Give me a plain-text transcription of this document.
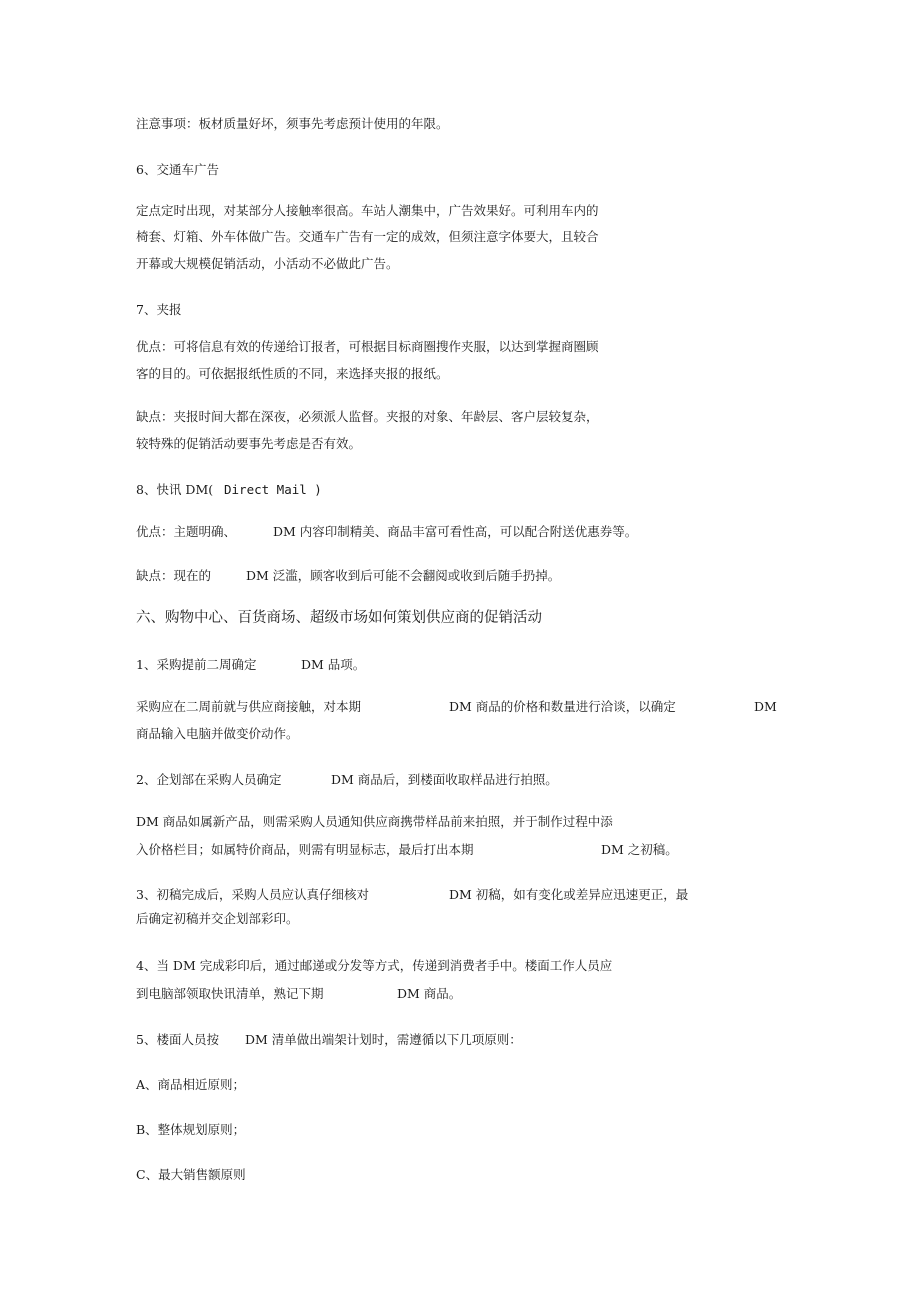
注意事项：板材质量好坏，须事先考虑预计使用的年限。

6、交通车广告

定点定时出现，对某部分人接触率很高。车站人潮集中，广告效果好。可利用车内的

椅套、灯箱、外车体做广告。交通车广告有一定的成效，但须注意字体要大，且较合

开幕或大规模促销活动，小活动不必做此广告。

7、夹报

优点：可将信息有效的传递给订报者，可根据目标商圈搜作夹服，以达到掌握商圈顾

客的目的。可依据报纸性质的不同，来选择夹报的报纸。

缺点：夹报时间大都在深夜，必须派人监督。夹报的对象、年龄层、客户层较复杂，

较特殊的促销活动要事先考虑是否有效。

8、快讯 DM( Direct Mail )

优点：主题明确、	DM 内容印制精美、商品丰富可看性高，可以配合附送优惠券等。

缺点：现在的	DM 泛滥，顾客收到后可能不会翻阅或收到后随手扔掉。

六、购物中心、百货商场、超级市场如何策划供应商的促销活动

1、采购提前二周确定	DM 品项。

采购应在二周前就与供应商接触，对本期	DM 商品的价格和数量进行洽谈，以确定	DM

商品输入电脑并做变价动作。

2、企划部在采购人员确定	DM 商品后，到楼面收取样品进行拍照。

DM 商品如属新产品，则需采购人员通知供应商携带样品前来拍照，并于制作过程中添

入价格栏目；如属特价商品，则需有明显标志，最后打出本期	DM 之初稿。

3、初稿完成后，采购人员应认真仔细核对	DM 初稿，如有变化或差异应迅速更正，最

后确定初稿并交企划部彩印。

4、当 DM 完成彩印后，通过邮递或分发等方式，传递到消费者手中。楼面工作人员应

到电脑部领取快讯清单，熟记下期	DM 商品。

5、楼面人员按 DM 清单做出端架计划时，需遵循以下几项原则：

A、商品相近原则；

B、整体规划原则；

C、最大销售额原则
